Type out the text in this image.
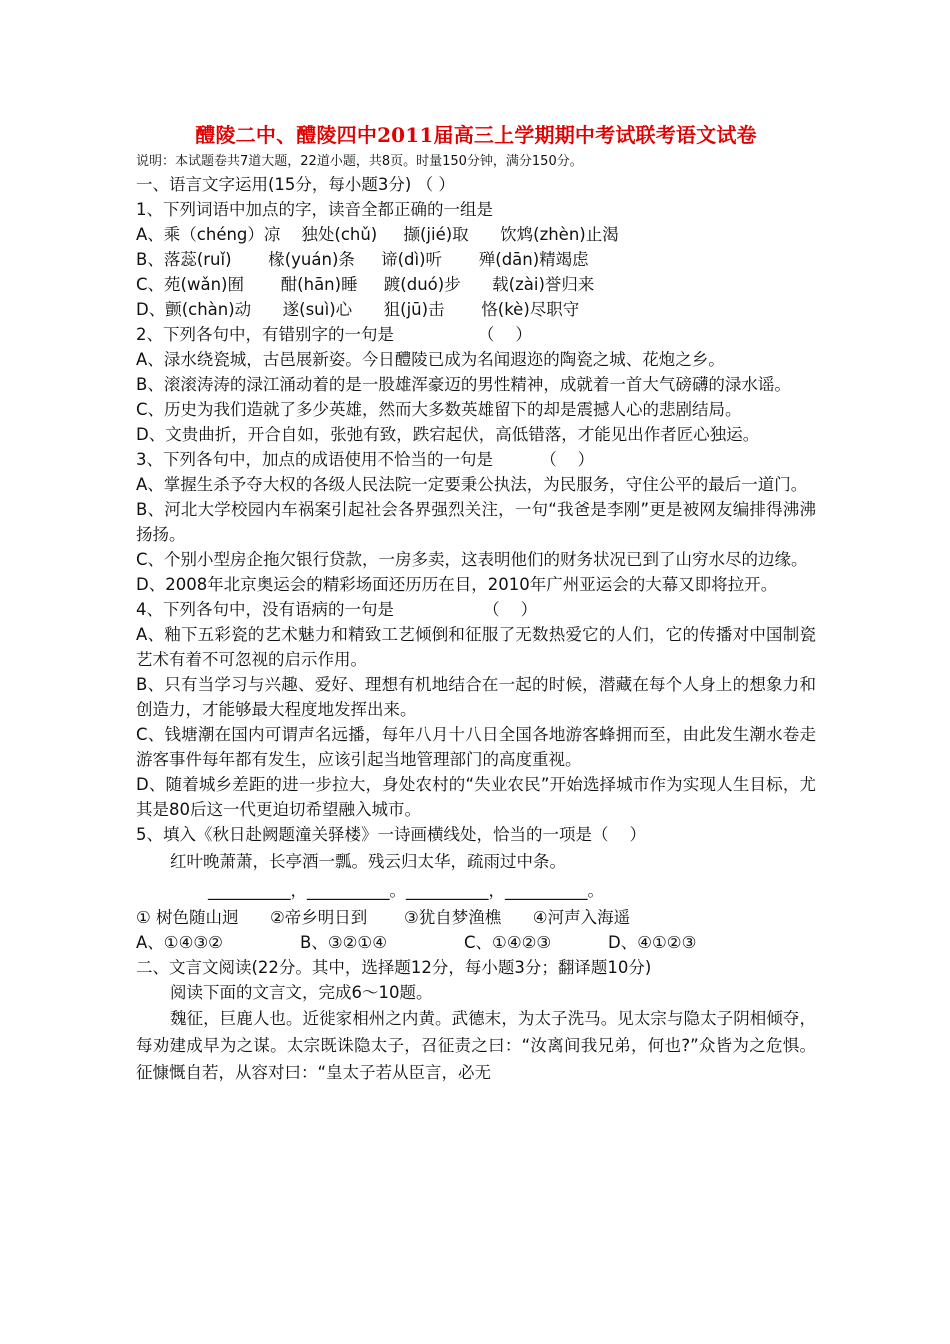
醴陵二中、醴陵四中2011届高三上学期期中考试联考语文试卷

说明：本试题卷共7道大题，22道小题，共8页。时量150分钟，满分150分。

一、语言文字运用(15分，每小题3分) （ ）

1、下列词语中加点的字，读音全都正确的一组是

A、乘（chéng）凉    独处(chǔ)     撷(jié)取      饮鸩(zhèn)止渴

B、落蕊(ruǐ)       椽(yuán)条     谛(dì)听       殚(dān)精竭虑

C、苑(wǎn)囿       酣(hān)睡     踱(duó)步      载(zài)誉归来

D、颤(chàn)动      遂(suì)心      狙(jū)击       恪(kè)尽职守

2、下列各句中，有错别字的一句是                （    ）

A、渌水绕瓷城，古邑展新姿。今日醴陵已成为名闻遐迩的陶瓷之城、花炮之乡。

B、滚滚涛涛的渌江涌动着的是一股雄浑豪迈的男性精神，成就着一首大气磅礴的渌水谣。

C、历史为我们造就了多少英雄，然而大多数英雄留下的却是震撼人心的悲剧结局。

D、文贵曲折，开合自如，张弛有致，跌宕起伏，高低错落，才能见出作者匠心独运。

3、下列各句中，加点的成语使用不恰当的一句是         （    ）

A、掌握生杀予夺大权的各级人民法院一定要秉公执法，为民服务，守住公平的最后一道门。

B、河北大学校园内车祸案引起社会各界强烈关注，一句“我爸是李刚”更是被网友编排得沸沸扬扬。

C、个别小型房企拖欠银行贷款，一房多卖，这表明他们的财务状况已到了山穷水尽的边缘。

D、2008年北京奥运会的精彩场面还历历在目，2010年广州亚运会的大幕又即将拉开。

4、下列各句中，没有语病的一句是                 （    ）

A、釉下五彩瓷的艺术魅力和精致工艺倾倒和征服了无数热爱它的人们，它的传播对中国制瓷艺术有着不可忽视的启示作用。

B、只有当学习与兴趣、爱好、理想有机地结合在一起的时候，潜藏在每个人身上的想象力和创造力，才能够最大程度地发挥出来。

C、钱塘潮在国内可谓声名远播，每年八月十八日全国各地游客蜂拥而至，由此发生潮水卷走游客事件每年都有发生，应该引起当地管理部门的高度重视。

D、随着城乡差距的进一步拉大，身处农村的“失业农民”开始选择城市作为实现人生目标，尤其是80后这一代更迫切希望融入城市。

5、填入《秋日赴阙题潼关驿楼》一诗画横线处，恰当的一项是（    ）

红叶晚萧萧，长亭酒一瓢。残云归太华，疏雨过中条。

__________，__________。__________，__________。

① 树色随山迥      ②帝乡明日到       ③犹自梦渔樵      ④河声入海遥

A、①④③②	B、③②①④	C、①④②③	D、④①②③

二、文言文阅读(22分。其中，选择题12分，每小题3分；翻译题10分)

阅读下面的文言文，完成6～10题。

魏征，巨鹿人也。近徙家相州之内黄。武德末，为太子洗马。见太宗与隐太子阴相倾夺，每劝建成早为之谋。太宗既诛隐太子，召征责之曰：“汝离间我兄弟，何也?”众皆为之危惧。征慷慨自若，从容对曰：“皇太子若从臣言，必无
